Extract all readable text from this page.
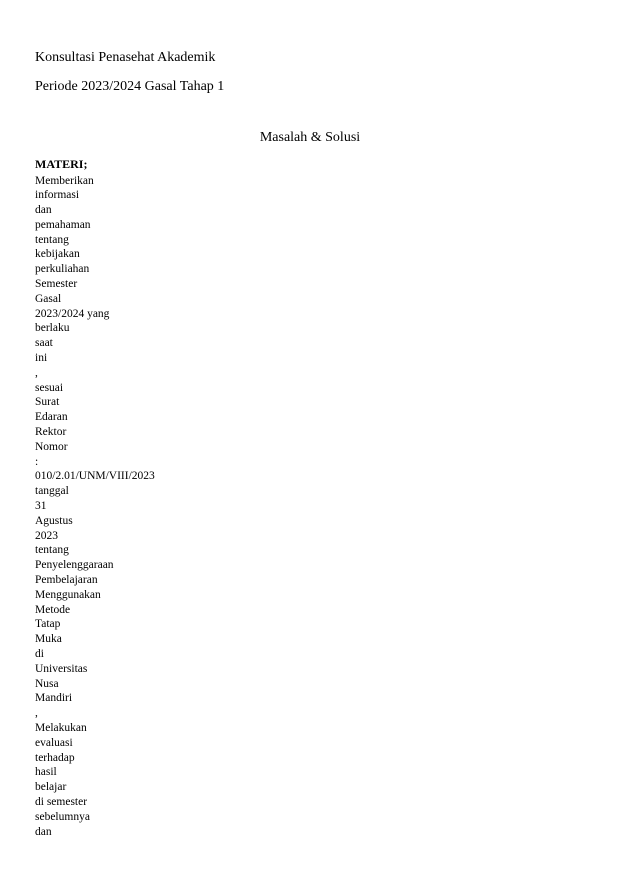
Konsultasi Penasehat Akademik
Periode 2023/2024 Gasal Tahap 1
Masalah & Solusi
MATERI;
Memberikan
informasi
dan
pemahaman
tentang
kebijakan
perkuliahan
Semester
Gasal
2023/2024 yang
berlaku
saat
ini
,
sesuai
Surat
Edaran
Rektor
Nomor
:
010/2.01/UNM/VIII/2023
tanggal
31
Agustus
2023
tentang
Penyelenggaraan
Pembelajaran
Menggunakan
Metode
Tatap
Muka
di
Universitas
Nusa
Mandiri
,
Melakukan
evaluasi
terhadap
hasil
belajar
di semester
sebelumnya
dan
